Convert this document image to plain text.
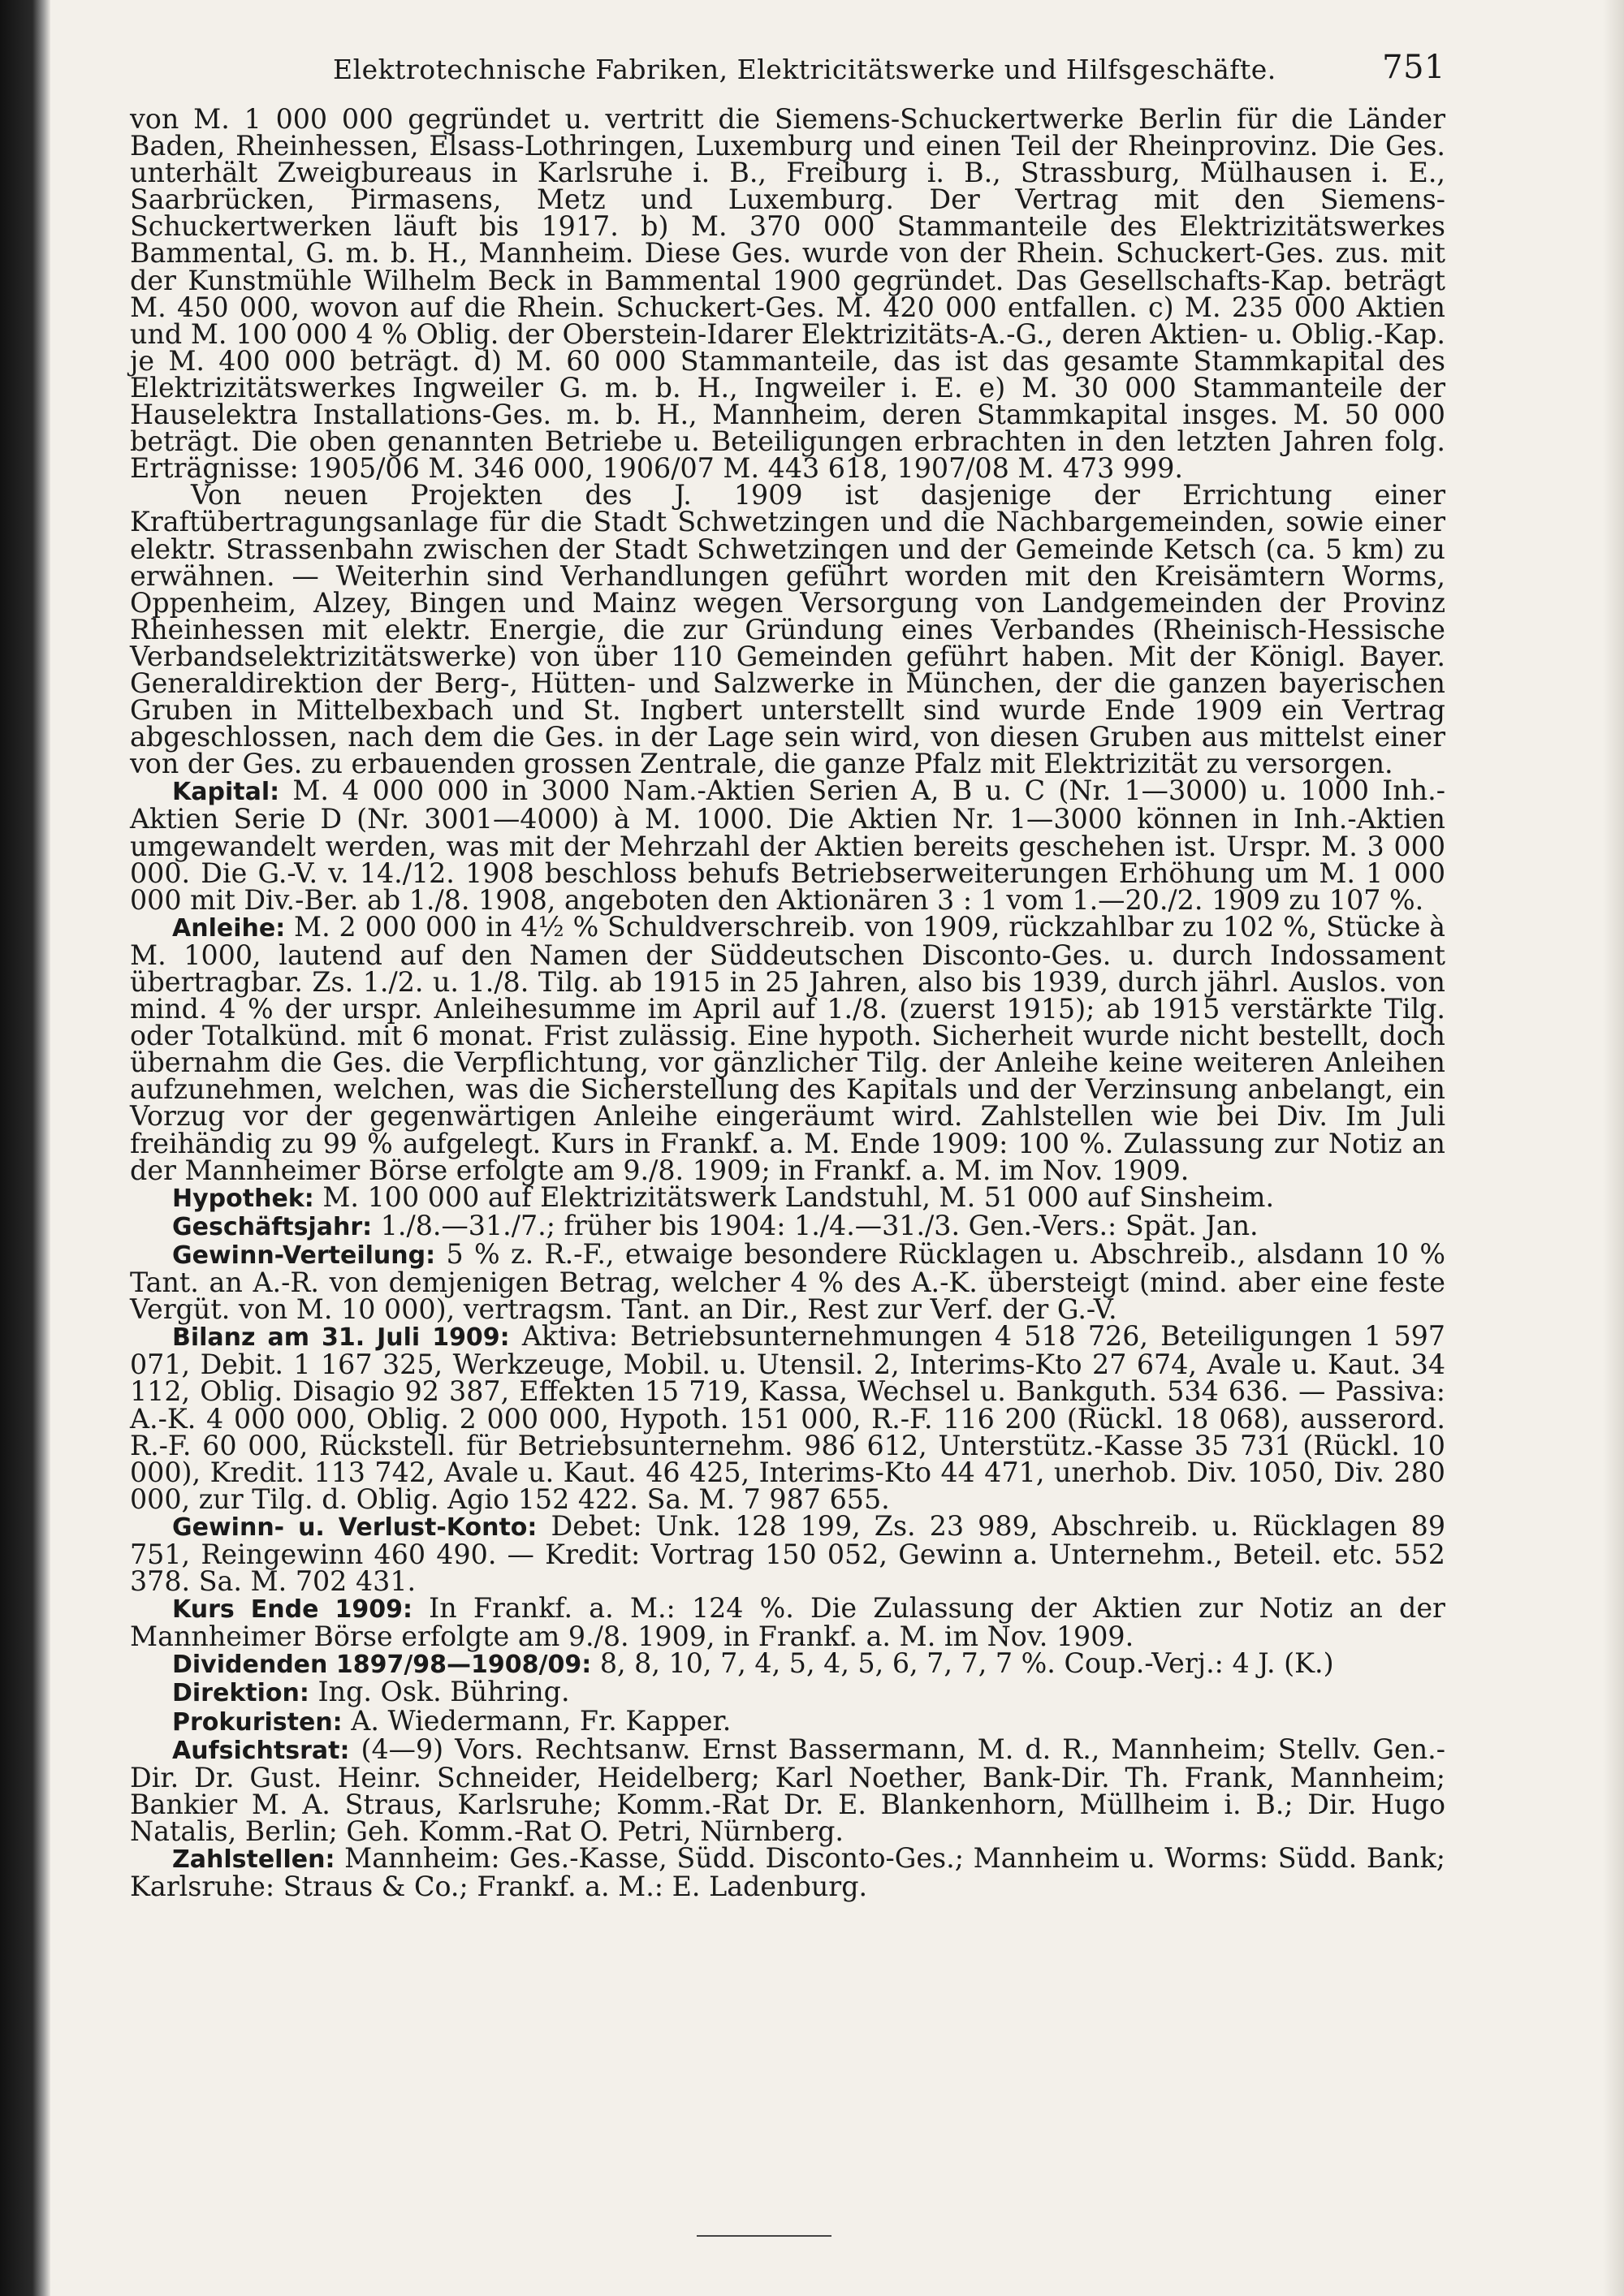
Elektrotechnische Fabriken, Elektricitätswerke und Hilfsgeschäfte.	751

von M. 1 000 000 gegründet u. vertritt die Siemens-Schuckertwerke Berlin für die Länder Baden, Rheinhessen, Elsass-Lothringen, Luxemburg und einen Teil der Rheinprovinz. Die Ges. unterhält Zweigbureaus in Karlsruhe i. B., Freiburg i. B., Strassburg, Mülhausen i. E., Saarbrücken, Pirmasens, Metz und Luxemburg. Der Vertrag mit den Siemens-Schuckertwerken läuft bis 1917. b) M. 370 000 Stammanteile des Elektrizitätswerkes Bammental, G. m. b. H., Mannheim. Diese Ges. wurde von der Rhein. Schuckert-Ges. zus. mit der Kunstmühle Wilhelm Beck in Bammental 1900 gegründet. Das Gesellschafts-Kap. beträgt M. 450 000, wovon auf die Rhein. Schuckert-Ges. M. 420 000 entfallen. c) M. 235 000 Aktien und M. 100 000 4 % Oblig. der Oberstein-Idarer Elektrizitäts-A.-G., deren Aktien- u. Oblig.-Kap. je M. 400 000 beträgt. d) M. 60 000 Stammanteile, das ist das gesamte Stammkapital des Elektrizitätswerkes Ingweiler G. m. b. H., Ingweiler i. E. e) M. 30 000 Stammanteile der Hauselektra Installations-Ges. m. b. H., Mannheim, deren Stammkapital insges. M. 50 000 beträgt. Die oben genannten Betriebe u. Beteiligungen erbrachten in den letzten Jahren folg. Erträgnisse: 1905/06 M. 346 000, 1906/07 M. 443 618, 1907/08 M. 473 999.

Von neuen Projekten des J. 1909 ist dasjenige der Errichtung einer Kraftübertragungsanlage für die Stadt Schwetzingen und die Nachbargemeinden, sowie einer elektr. Strassenbahn zwischen der Stadt Schwetzingen und der Gemeinde Ketsch (ca. 5 km) zu erwähnen. — Weiterhin sind Verhandlungen geführt worden mit den Kreisämtern Worms, Oppenheim, Alzey, Bingen und Mainz wegen Versorgung von Landgemeinden der Provinz Rheinhessen mit elektr. Energie, die zur Gründung eines Verbandes (Rheinisch-Hessische Verbandselektrizitätswerke) von über 110 Gemeinden geführt haben. Mit der Königl. Bayer. Generaldirektion der Berg-, Hütten- und Salzwerke in München, der die ganzen bayerischen Gruben in Mittelbexbach und St. Ingbert unterstellt sind wurde Ende 1909 ein Vertrag abgeschlossen, nach dem die Ges. in der Lage sein wird, von diesen Gruben aus mittelst einer von der Ges. zu erbauenden grossen Zentrale, die ganze Pfalz mit Elektrizität zu versorgen.

Kapital: M. 4 000 000 in 3000 Nam.-Aktien Serien A, B u. C (Nr. 1—3000) u. 1000 Inh.-Aktien Serie D (Nr. 3001—4000) à M. 1000. Die Aktien Nr. 1—3000 können in Inh.-Aktien umgewandelt werden, was mit der Mehrzahl der Aktien bereits geschehen ist. Urspr. M. 3 000 000. Die G.-V. v. 14./12. 1908 beschloss behufs Betriebserweiterungen Erhöhung um M. 1 000 000 mit Div.-Ber. ab 1./8. 1908, angeboten den Aktionären 3 : 1 vom 1.—20./2. 1909 zu 107 %.

Anleihe: M. 2 000 000 in 4½ % Schuldverschreib. von 1909, rückzahlbar zu 102 %, Stücke à M. 1000, lautend auf den Namen der Süddeutschen Disconto-Ges. u. durch Indossament übertragbar. Zs. 1./2. u. 1./8. Tilg. ab 1915 in 25 Jahren, also bis 1939, durch jährl. Auslos. von mind. 4 % der urspr. Anleihesumme im April auf 1./8. (zuerst 1915); ab 1915 verstärkte Tilg. oder Totalkünd. mit 6 monat. Frist zulässig. Eine hypoth. Sicherheit wurde nicht bestellt, doch übernahm die Ges. die Verpflichtung, vor gänzlicher Tilg. der Anleihe keine weiteren Anleihen aufzunehmen, welchen, was die Sicherstellung des Kapitals und der Verzinsung anbelangt, ein Vorzug vor der gegenwärtigen Anleihe eingeräumt wird. Zahlstellen wie bei Div. Im Juli freihändig zu 99 % aufgelegt. Kurs in Frankf. a. M. Ende 1909: 100 %. Zulassung zur Notiz an der Mannheimer Börse erfolgte am 9./8. 1909; in Frankf. a. M. im Nov. 1909.

Hypothek: M. 100 000 auf Elektrizitätswerk Landstuhl, M. 51 000 auf Sinsheim.

Geschäftsjahr: 1./8.—31./7.; früher bis 1904: 1./4.—31./3. Gen.-Vers.: Spät. Jan.

Gewinn-Verteilung: 5 % z. R.-F., etwaige besondere Rücklagen u. Abschreib., alsdann 10 % Tant. an A.-R. von demjenigen Betrag, welcher 4 % des A.-K. übersteigt (mind. aber eine feste Vergüt. von M. 10 000), vertragsm. Tant. an Dir., Rest zur Verf. der G.-V.

Bilanz am 31. Juli 1909: Aktiva: Betriebsunternehmungen 4 518 726, Beteiligungen 1 597 071, Debit. 1 167 325, Werkzeuge, Mobil. u. Utensil. 2, Interims-Kto 27 674, Avale u. Kaut. 34 112, Oblig. Disagio 92 387, Effekten 15 719, Kassa, Wechsel u. Bankguth. 534 636. — Passiva: A.-K. 4 000 000, Oblig. 2 000 000, Hypoth. 151 000, R.-F. 116 200 (Rückl. 18 068), ausserord. R.-F. 60 000, Rückstell. für Betriebsunternehm. 986 612, Unterstütz.-Kasse 35 731 (Rückl. 10 000), Kredit. 113 742, Avale u. Kaut. 46 425, Interims-Kto 44 471, unerhob. Div. 1050, Div. 280 000, zur Tilg. d. Oblig. Agio 152 422. Sa. M. 7 987 655.

Gewinn- u. Verlust-Konto: Debet: Unk. 128 199, Zs. 23 989, Abschreib. u. Rücklagen 89 751, Reingewinn 460 490. — Kredit: Vortrag 150 052, Gewinn a. Unternehm., Beteil. etc. 552 378. Sa. M. 702 431.

Kurs Ende 1909: In Frankf. a. M.: 124 %. Die Zulassung der Aktien zur Notiz an der Mannheimer Börse erfolgte am 9./8. 1909, in Frankf. a. M. im Nov. 1909.

Dividenden 1897/98—1908/09: 8, 8, 10, 7, 4, 5, 4, 5, 6, 7, 7, 7 %. Coup.-Verj.: 4 J. (K.)

Direktion: Ing. Osk. Bühring.

Prokuristen: A. Wiedermann, Fr. Kapper.

Aufsichtsrat: (4—9) Vors. Rechtsanw. Ernst Bassermann, M. d. R., Mannheim; Stellv. Gen.-Dir. Dr. Gust. Heinr. Schneider, Heidelberg; Karl Noether, Bank-Dir. Th. Frank, Mannheim; Bankier M. A. Straus, Karlsruhe; Komm.-Rat Dr. E. Blankenhorn, Müllheim i. B.; Dir. Hugo Natalis, Berlin; Geh. Komm.-Rat O. Petri, Nürnberg.

Zahlstellen: Mannheim: Ges.-Kasse, Südd. Disconto-Ges.; Mannheim u. Worms: Südd. Bank; Karlsruhe: Straus & Co.; Frankf. a. M.: E. Ladenburg.
